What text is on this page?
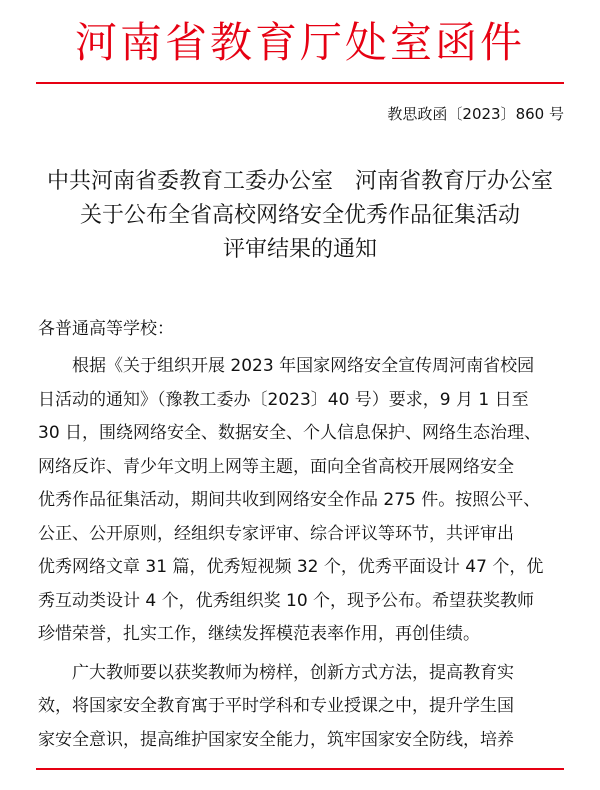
河南省教育厅处室函件
教思政函〔2023〕860 号
中共河南省委教育工委办公室　河南省教育厅办公室
关于公布全省高校网络安全优秀作品征集活动
评审结果的通知
各普通高等学校：
根据《关于组织开展 2023 年国家网络安全宣传周河南省校园
日活动的通知》（豫教工委办〔2023〕40 号）要求，9 月 1 日至
30 日，围绕网络安全、数据安全、个人信息保护、网络生态治理、
网络反诈、青少年文明上网等主题，面向全省高校开展网络安全
优秀作品征集活动，期间共收到网络安全作品 275 件。按照公平、
公正、公开原则，经组织专家评审、综合评议等环节，共评审出
优秀网络文章 31 篇，优秀短视频 32 个，优秀平面设计 47 个，优
秀互动类设计 4 个，优秀组织奖 10 个，现予公布。希望获奖教师
珍惜荣誉，扎实工作，继续发挥模范表率作用，再创佳绩。
广大教师要以获奖教师为榜样，创新方式方法，提高教育实
效，将国家安全教育寓于平时学科和专业授课之中，提升学生国
家安全意识，提高维护国家安全能力，筑牢国家安全防线，培养
